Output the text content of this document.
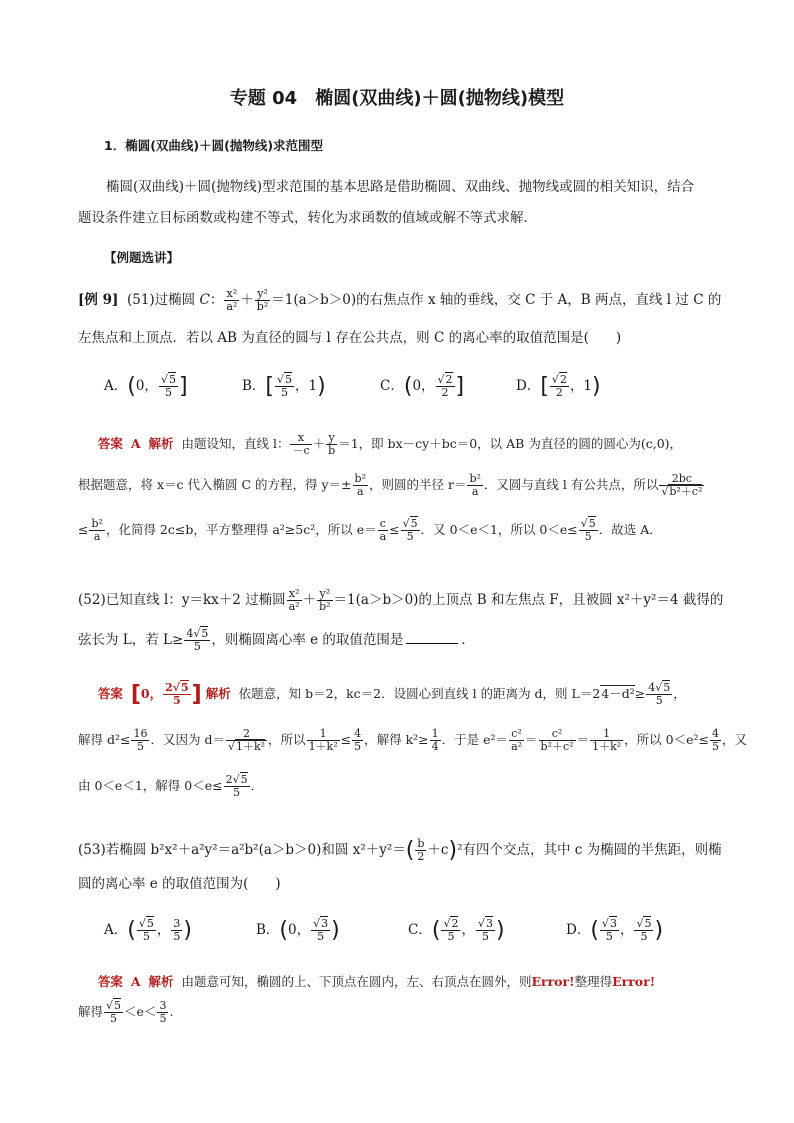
专题 04　椭圆(双曲线)＋圆(抛物线)模型
1．椭圆(双曲线)＋圆(抛物线)求范围型

椭圆(双曲线)＋圆(抛物线)型求范围的基本思路是借助椭圆、双曲线、抛物线或圆的相关知识，结合

题设条件建立目标函数或构建不等式，转化为求函数的值域或解不等式求解．
【例题选讲】
[例 9] (51)过椭圆 C： $\frac{\text{x²}}{\text{a²}} + \frac{\text{y²}}{\text{b²}} =1(a>b>0)$的右焦点作 x 轴的垂线，交 C 于 A，B 两点，直线 l 过 C 的
左焦点和上顶点．若以 AB 为直径的圆与 l 存在公共点，则 C 的离心率的取值范围是(　　)
A．(0， $\frac{√5}{5}$ ]	B．[ $\frac{√5}{5}$ ，1)	C．(0， $\frac{√2}{2}$ ]	D．[ $\frac{√2}{2}$ ，1)
答案 A 解析 由题设知，直线 l： $\frac{x}{-c} + \frac{y}{b} =1$，即 bx－cy＋bc＝0，以 AB 为直径的圆的圆心为(c,0)，
根据题意，将 x＝c 代入椭圆 C 的方程，得 $y=\pm \frac{\text{b²}}{a}$ ，则圆的半径 $r= \frac{\text{b²}}{a}$ ．又圆与直线 l 有公共点，所以 $\frac{2bc}{\text{√b²＋c²}}$
≤ $\frac{\text{b²}}{a}$ ，化简得 2c≤b，平方整理得 a²≥5c²，所以 $e= \frac{c}{a} \le \frac{√5}{5}$ ．又 0＜e＜1，所以 $0<e\le \frac{√5}{5}$ ．故选 A．
(52)已知直线 l：y＝kx＋2 过椭圆 $\frac{\text{x²}}{\text{a²}} + \frac{\text{y²}}{\text{b²}} =1(a>b>0)$的上顶点 B 和左焦点 F，且被圆 x²＋y²＝4 截得的
弦长为 L，若 $L\ge \frac{4√5}{5}$ ，则椭圆离心率 e 的取值范围是	．
答案 [0， $\frac{2√5}{5}$ ] 解析 依题意，知 b＝2，kc＝2．设圆心到直线 l 的距离为 d，则 $L=24-d^2\ge \frac{4√5}{5}$ ，
解得 $d^2\le \frac{16}{5}$ ．又因为 $d= \frac{2}{\text{√1＋k²}}$ ，所以 $\frac{1}{\text{1＋k²}} \le \frac{4}{5}$ ，解得 $k^2\ge \frac{1}{4}$ ．于是 $e^2= \frac{\text{c²}}{\text{a²}} = \frac{\text{c²}}{\text{b²＋c²}} = \frac{1}{\text{1＋k²}}$ ，所以 $0<e^2\le \frac{4}{5}$ ，又
由 0＜e＜1，解得 $0<e\le \frac{2√5}{5}$ ．
(53)若椭圆 b²x²＋a²y²＝a²b²(a＞b＞0)和圆 $x^2+y^2=( \frac{b}{2} +c)^2$有四个交点，其中 c 为椭圆的半焦距，则椭
圆的离心率 e 的取值范围为(　　)
A．( $\frac{√5}{5}$ ， $\frac{3}{5}$ )	B．(0， $\frac{√3}{5}$ )	C．( $\frac{√2}{5}$ ， $\frac{√3}{5}$ )	D．( $\frac{√3}{5}$ ， $\frac{√5}{5}$ )
答案 A 解析 由题意可知，椭圆的上、下顶点在圆内，左、右顶点在圆外，则Error!整理得Error!
解得 $\frac{√5}{5} <e< \frac{3}{5}$ .
